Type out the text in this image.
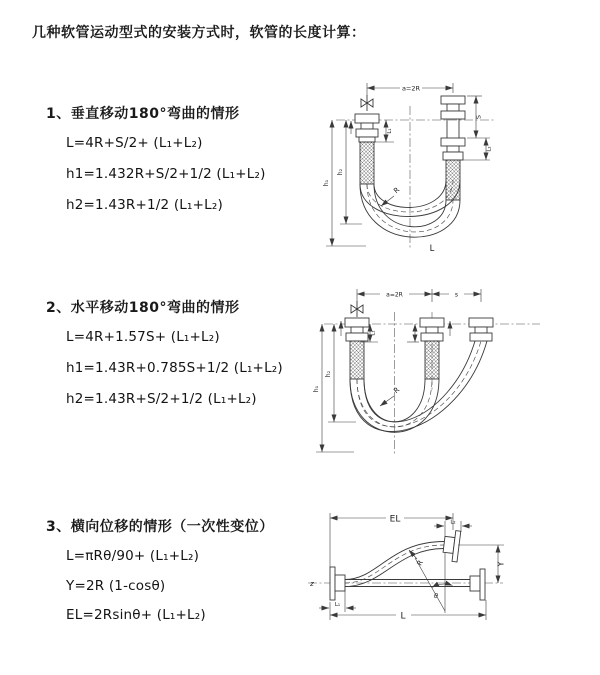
几种软管运动型式的安装方式时，软管的长度计算：
1、垂直移动180°弯曲的情形
L=4R+S/2+ (L₁+L₂)
h1=1.432R+S/2+1/2 (L₁+L₂)
h2=1.43R+1/2 (L₁+L₂)
2、水平移动180°弯曲的情形
L=4R+1.57S+ (L₁+L₂)
h1=1.43R+0.785S+1/2 (L₁+L₂)
h2=1.43R+S/2+1/2 (L₁+L₂)
3、横向位移的情形（一次性变位）
L=πRθ/90+ (L₁+L₂)
Y=2R (1-cosθ)
EL=2Rsinθ+ (L₁+L₂)
a=2R
L₁
S
L₂
h₂
h₁
R
L
a=2R	s
L₁
h₂
h₁	R
z
EL	L₂
Y
θ
R
L₁
L
